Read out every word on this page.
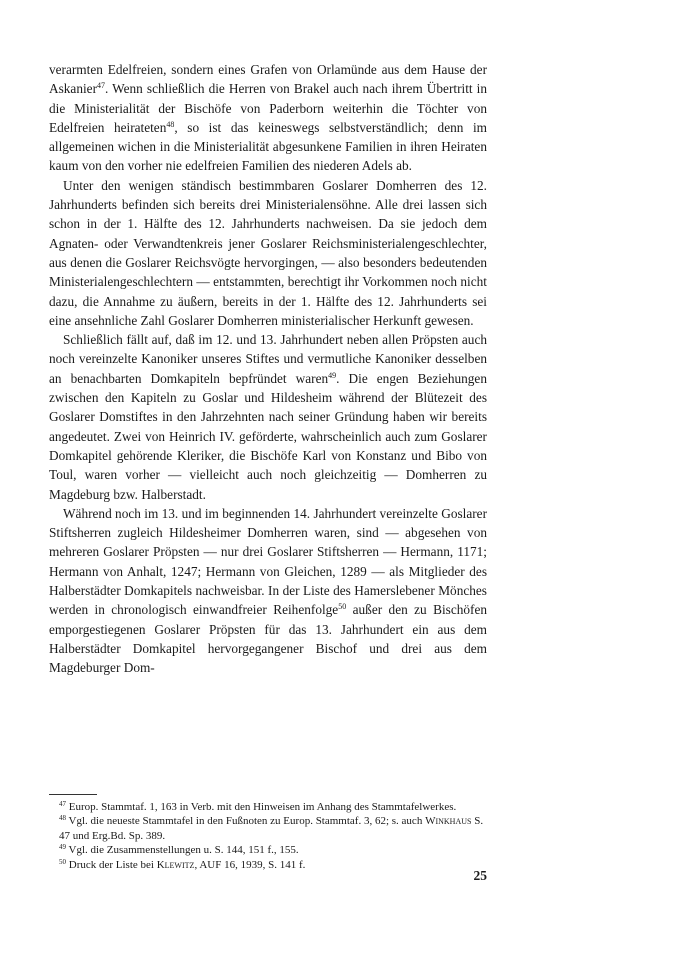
verarmten Edelfreien, sondern eines Grafen von Orlamünde aus dem Hause der Askanier$^{47}$. Wenn schließlich die Herren von Brakel auch nach ihrem Übertritt in die Ministerialität der Bischöfe von Paderborn weiterhin die Töchter von Edelfreien heirateten$^{48}$, so ist das keineswegs selbstverständlich; denn im allgemeinen wichen in die Ministerialität abgesunkene Familien in ihren Heiraten kaum von den vorher nie edelfreien Familien des niederen Adels ab.

Unter den wenigen ständisch bestimmbaren Goslarer Domherren des 12. Jahrhunderts befinden sich bereits drei Ministerialensöhne. Alle drei lassen sich schon in der 1. Hälfte des 12. Jahrhunderts nachweisen. Da sie jedoch dem Agnaten- oder Verwandtenkreis jener Goslarer Reichsministerialengeschlechter, aus denen die Goslarer Reichsvögte hervorgingen, — also besonders bedeutenden Ministerialengeschlechtern — entstammten, berechtigt ihr Vorkommen noch nicht dazu, die Annahme zu äußern, bereits in der 1. Hälfte des 12. Jahrhunderts sei eine ansehnliche Zahl Goslarer Domherren ministerialischer Herkunft gewesen.

Schließlich fällt auf, daß im 12. und 13. Jahrhundert neben allen Pröpsten auch noch vereinzelte Kanoniker unseres Stiftes und vermutliche Kanoniker desselben an benachbarten Domkapiteln bepfründet waren$^{49}$. Die engen Beziehungen zwischen den Kapiteln zu Goslar und Hildesheim während der Blütezeit des Goslarer Domstiftes in den Jahrzehnten nach seiner Gründung haben wir bereits angedeutet. Zwei von Heinrich IV. geförderte, wahrscheinlich auch zum Goslarer Domkapitel gehörende Kleriker, die Bischöfe Karl von Konstanz und Bibo von Toul, waren vorher — vielleicht auch noch gleichzeitig — Domherren zu Magdeburg bzw. Halberstadt.

Während noch im 13. und im beginnenden 14. Jahrhundert vereinzelte Goslarer Stiftsherren zugleich Hildesheimer Domherren waren, sind — abgesehen von mehreren Goslarer Pröpsten — nur drei Goslarer Stiftsherren — Hermann, 1171; Hermann von Anhalt, 1247; Hermann von Gleichen, 1289 — als Mitglieder des Halberstädter Domkapitels nachweisbar. In der Liste des Hamerslebener Mönches werden in chronologisch einwandfreier Reihenfolge$^{50}$ außer den zu Bischöfen emporgestiegenen Goslarer Pröpsten für das 13. Jahrhundert ein aus dem Halberstädter Domkapitel hervorgegangener Bischof und drei aus dem Magdeburger Dom-

$^{47}$ Europ. Stammtaf. 1, 163 in Verb. mit den Hinweisen im Anhang des Stammtafelwerkes.

$^{48}$ Vgl. die neueste Stammtafel in den Fußnoten zu Europ. Stammtaf. 3, 62; s. auch Winkhaus S. 47 und Erg.Bd. Sp. 389.

$^{49}$ Vgl. die Zusammenstellungen u. S. 144, 151 f., 155.

$^{50}$ Druck der Liste bei Klewitz, AUF 16, 1939, S. 141 f.

25
